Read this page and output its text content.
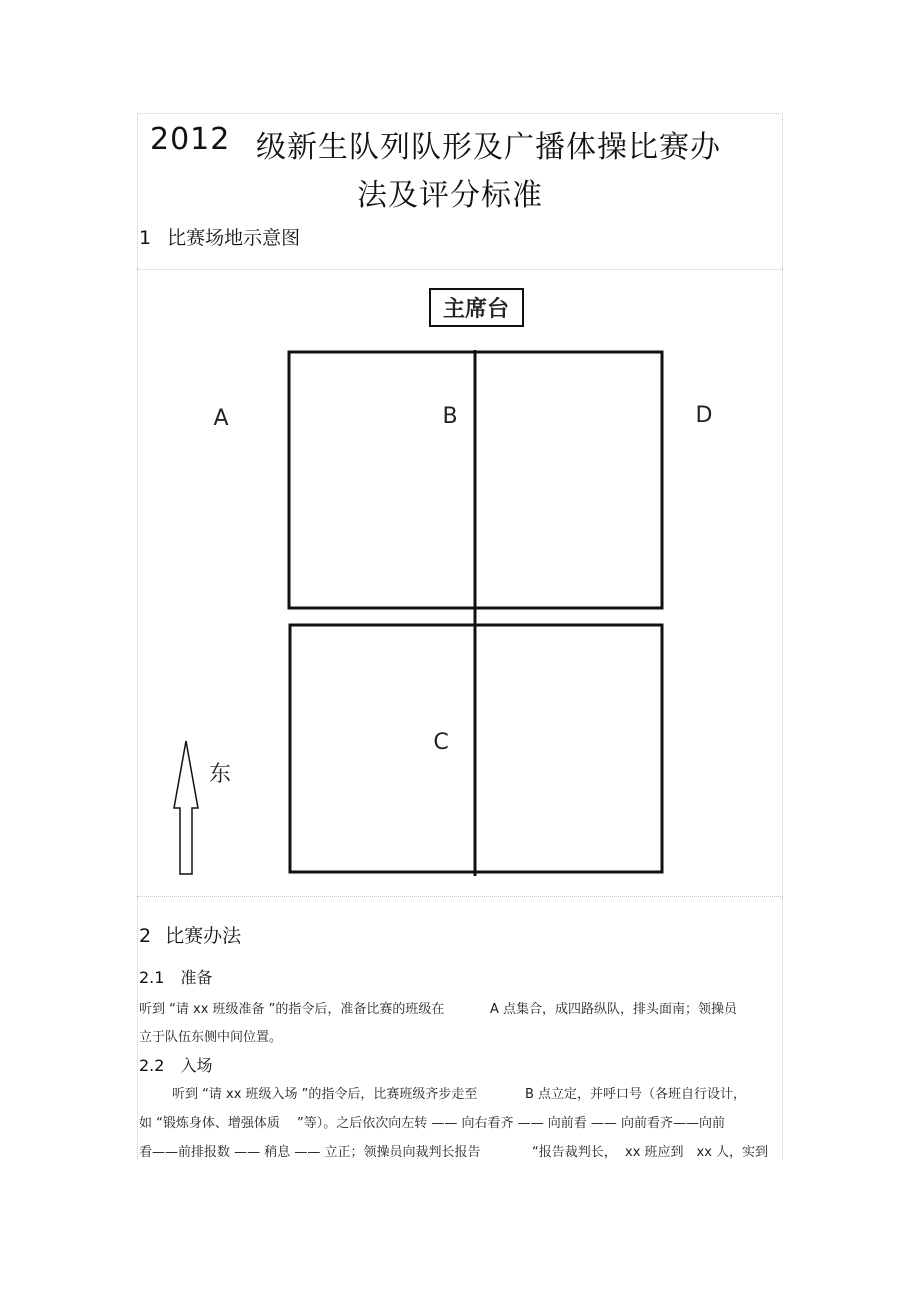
2012 级新生队列队形及广播体操比赛办
法及评分标准
1 比赛场地示意图
主席台
A	B	D
C
东
2 比赛办法
2.1 准备
听到 “请 xx 班级准备 ”的指令后，准备比赛的班级在	A 点集合，成四路纵队，排头面南；领操员
立于队伍东侧中间位置。
2.2 入场
听到 “请 xx 班级入场 ”的指令后，比赛班级齐步走至	B 点立定，并呼口号（各班自行设计，
如 “锻炼身体、增强体质　 ”等）。之后依次向左转 —— 向右看齐 —— 向前看 —— 向前看齐——向前
看——前排报数 —— 稍息 —— 立正；领操员向裁判长报告	“报告裁判长， xx 班应到　xx 人，实到
